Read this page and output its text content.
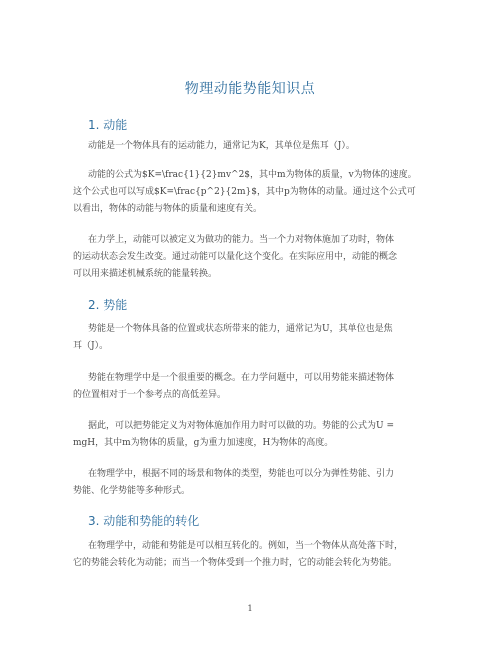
物理动能势能知识点
1. 动能
动能是一个物体具有的运动能力，通常记为K，其单位是焦耳（J）。
动能的公式为$K=\frac{1}{2}mv^2$，其中m为物体的质量，v为物体的速度。
这个公式也可以写成$K=\frac{p^2}{2m}$，其中p为物体的动量。通过这个公式可
以看出，物体的动能与物体的质量和速度有关。
在力学上，动能可以被定义为做功的能力。当一个力对物体施加了功时，物体
的运动状态会发生改变。通过动能可以量化这个变化。在实际应用中，动能的概念
可以用来描述机械系统的能量转换。
2. 势能
势能是一个物体具备的位置或状态所带来的能力，通常记为U，其单位也是焦
耳（J）。
势能在物理学中是一个很重要的概念。在力学问题中，可以用势能来描述物体
的位置相对于一个参考点的高低差异。
据此，可以把势能定义为对物体施加作用力时可以做的功。势能的公式为U =
mgH，其中m为物体的质量，g为重力加速度，H为物体的高度。
在物理学中，根据不同的场景和物体的类型，势能也可以分为弹性势能、引力
势能、化学势能等多种形式。
3. 动能和势能的转化
在物理学中，动能和势能是可以相互转化的。例如，当一个物体从高处落下时，
它的势能会转化为动能；而当一个物体受到一个推力时，它的动能会转化为势能。
1
